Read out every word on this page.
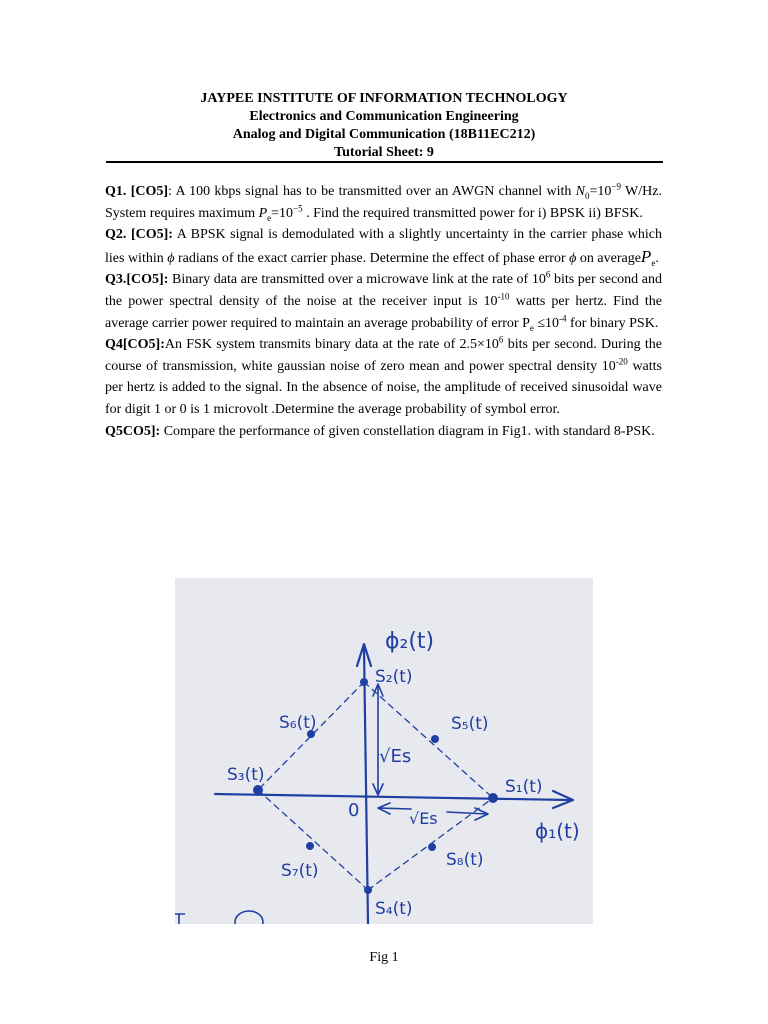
JAYPEE INSTITUTE OF INFORMATION TECHNOLOGY
Electronics and Communication Engineering
Analog and Digital Communication (18B11EC212)
Tutorial Sheet: 9

Q1. [CO5]: A 100 kbps signal has to be transmitted over an AWGN channel with $N_0=10^{-9}$ W/Hz. System requires maximum $P_e=10^{-5}$ . Find the required transmitted power for i) BPSK ii) BFSK.

Q2. [CO5]: A BPSK signal is demodulated with a slightly uncertainty in the carrier phase which lies within ϕ radians of the exact carrier phase. Determine the effect of phase error ϕ on averageP$_e$.

Q3.[CO5]: Binary data are transmitted over a microwave link at the rate of $10^6$ bits per second and the power spectral density of the noise at the receiver input is $10^{-10}$ watts per hertz. Find the average carrier power required to maintain an average probability of error $P_e \le 10^{-4}$ for binary PSK.

Q4[CO5]:An FSK system transmits binary data at the rate of $2.5\times 10^6$ bits per second. During the course of transmission, white gaussian noise of zero mean and power spectral density $10^{-20}$ watts per hertz is added to the signal. In the absence of noise, the amplitude of received sinusoidal wave for digit 1 or 0 is 1 microvolt .Determine the average probability of symbol error.

Q5CO5]: Compare the performance of given constellation diagram in Fig1. with standard 8-PSK.

ϕ₂(t)
ϕ₁(t)
0
√Es
√Es
S₁(t)
S₂(t)
S₃(t)
S₄(t)
S₅(t)
S₆(t)
S₇(t)
S₈(t)
Fig 1
